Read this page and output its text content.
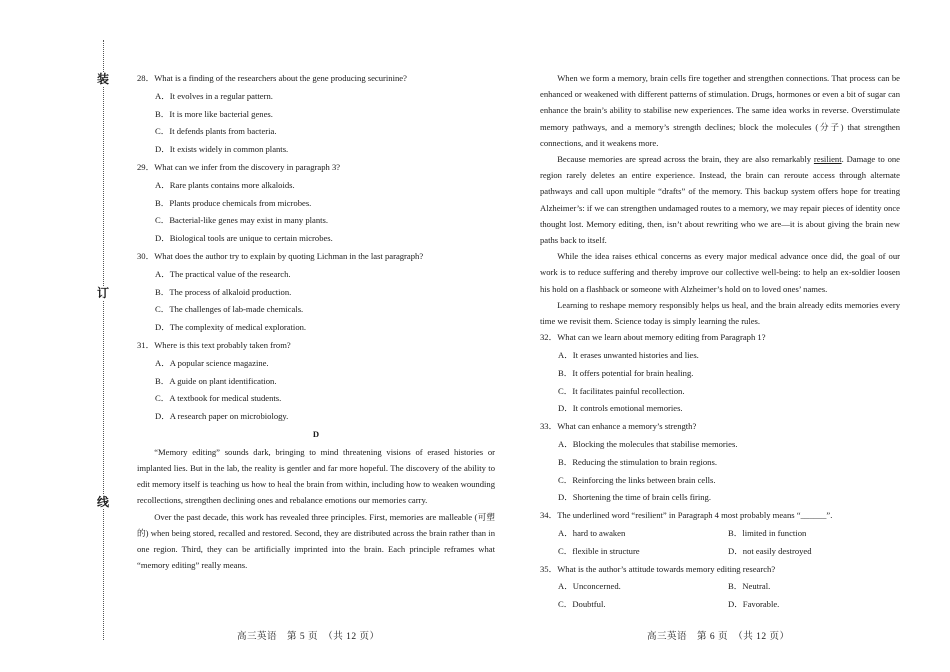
装
订
线

28．What is a finding of the researchers about the gene producing securinine?

A．It evolves in a regular pattern.

B．It is more like bacterial genes.

C．It defends plants from bacteria.

D．It exists widely in common plants.

29．What can we infer from the discovery in paragraph 3?

A．Rare plants contains more alkaloids.

B．Plants produce chemicals from microbes.

C．Bacterial-like genes may exist in many plants.

D．Biological tools are unique to certain microbes.

30．What does the author try to explain by quoting Lichman in the last paragraph?

A．The practical value of the research.

B．The process of alkaloid production.

C．The challenges of lab-made chemicals.

D．The complexity of medical exploration.

31．Where is this text probably taken from?

A．A popular science magazine.

B．A guide on plant identification.

C．A textbook for medical students.

D．A research paper on microbiology.

D

“Memory editing” sounds dark, bringing to mind threatening visions of erased histories or implanted lies. But in the lab, the reality is gentler and far more hopeful. The discovery of the ability to edit memory itself is teaching us how to heal the brain from within, including how to weaken wounding recollections, strengthen declining ones and rebalance emotions our memories carry.

Over the past decade, this work has revealed three principles. First, memories are malleable (可塑的) when being stored, recalled and restored. Second, they are distributed across the brain rather than in one region. Third, they can be artificially imprinted into the brain. Each principle reframes what “memory editing” really means.

When we form a memory, brain cells fire together and strengthen connections. That process can be enhanced or weakened with different patterns of stimulation. Drugs, hormones or even a bit of sugar can enhance the brain’s ability to stabilise new experiences. The same idea works in reverse. Overstimulate memory pathways, and a memory’s strength declines; block the molecules (分子) that strengthen connections, and it weakens more.

Because memories are spread across the brain, they are also remarkably resilient. Damage to one region rarely deletes an entire experience. Instead, the brain can reroute access through alternate pathways and call upon multiple “drafts” of the memory. This backup system offers hope for treating Alzheimer’s: if we can strengthen undamaged routes to a memory, we may repair pieces of identity once thought lost. Memory editing, then, isn’t about rewriting who we are—it is about giving the brain new paths back to itself.

While the idea raises ethical concerns as every major medical advance once did, the goal of our work is to reduce suffering and thereby improve our collective well-being: to help an ex-soldier loosen his hold on a flashback or someone with Alzheimer’s hold on to loved ones’ names.

Learning to reshape memory responsibly helps us heal, and the brain already edits memories every time we revisit them. Science today is simply learning the rules.

32．What can we learn about memory editing from Paragraph 1?

A．It erases unwanted histories and lies.

B．It offers potential for brain healing.

C．It facilitates painful recollection.

D．It controls emotional memories.

33．What can enhance a memory’s strength?

A．Blocking the molecules that stabilise memories.

B．Reducing the stimulation to brain regions.

C．Reinforcing the links between brain cells.

D．Shortening the time of brain cells firing.

34．The underlined word “resilient” in Paragraph 4 most probably means “______”.

A．hard to awaken	B．limited in function

C．flexible in structure	D．not easily destroyed

35．What is the author’s attitude towards memory editing research?

A．Unconcerned.	B．Neutral.

C．Doubtful.	D．Favorable.

高三英语　第 5 页　（共 12 页）	高三英语　第 6 页　（共 12 页）
